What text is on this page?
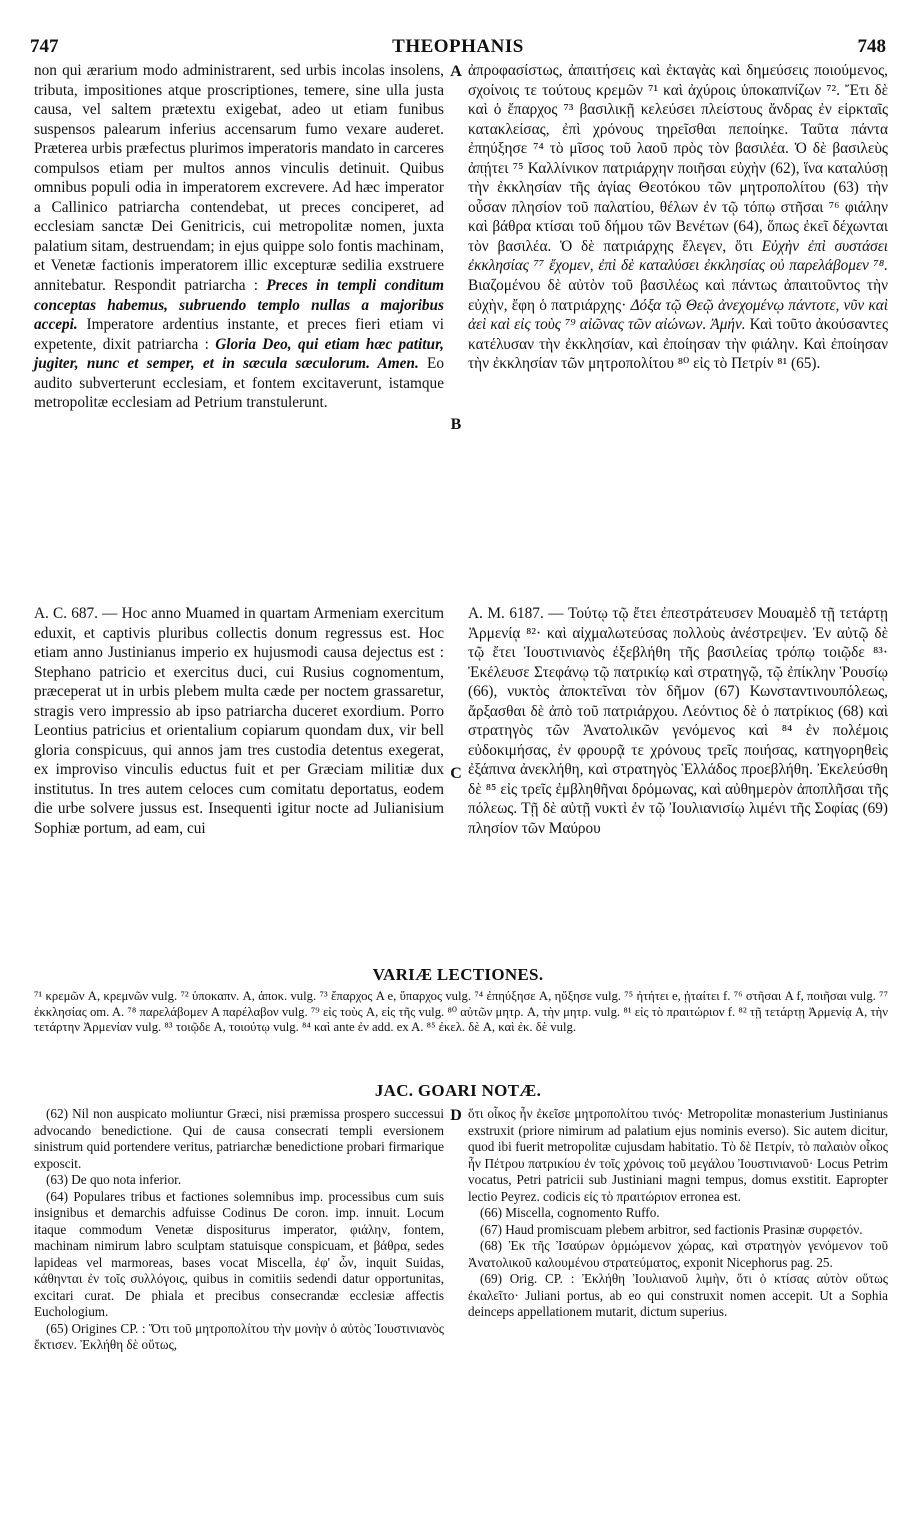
747	THEOPHANIS	748

non qui ærarium modo administrarent, sed urbis incolas insolens, tributa, impositiones atque proscriptiones, temere, sine ulla justa causa, vel saltem prætextu exigebat, adeo ut etiam funibus suspensos palearum inferius accensarum fumo vexare auderet. Præterea urbis præfectus plurimos imperatoris mandato in carceres compulsos etiam per multos annos vinculis detinuit. Quibus omnibus populi odia in imperatorem excrevere. Ad hæc imperator a Callinico patriarcha contendebat, ut preces conciperet, ad ecclesiam sanctæ Dei Genitricis, cui metropolitæ nomen, juxta palatium sitam, destruendam; in ejus quippe solo fontis machinam, et Venetæ factionis imperatorem illic excepturæ sedilia exstruere annitebatur. Respondit patriarcha : Preces in templi conditum conceptas habemus, subruendo templo nullas a majoribus accepi. Imperatore ardentius instante, et preces fieri etiam vi expetente, dixit patriarcha : Gloria Deo, qui etiam hæc patitur, jugiter, nunc et semper, et in sæcula sæculorum. Amen. Eo audito subverterunt ecclesiam, et fontem excitaverunt, istamque metropolitæ ecclesiam ad Petrium transtulerunt.

ἀπροφασίστως, ἀπαιτήσεις καὶ ἐκταγὰς καὶ δημεύσεις ποιούμενος, σχοίνοις τε τούτους κρεμῶν ⁷¹ καὶ ἀχύροις ὑποκαπνίζων ⁷². Ἔτι δὲ καὶ ὁ ἔπαρχος ⁷³ βασιλικῇ κελεύσει πλείστους ἄνδρας ἐν εἱρκταῖς κατακλείσας, ἐπὶ χρόνους τηρεῖσθαι πεποίηκε. Ταῦτα πάντα ἐπηύξησε ⁷⁴ τὸ μῖσος τοῦ λαοῦ πρὸς τὸν βασιλέα. Ὁ δὲ βασιλεὺς ἀπῄτει ⁷⁵ Καλλίνικον πατριάρχην ποιῆσαι εὐχὴν (62), ἵνα καταλύσῃ τὴν ἐκκλησίαν τῆς ἁγίας Θεοτόκου τῶν μητροπολίτου (63) τὴν οὖσαν πλησίον τοῦ παλατίου, θέλων ἐν τῷ τόπῳ στῆσαι ⁷⁶ φιάλην καὶ βάθρα κτίσαι τοῦ δήμου τῶν Βενέτων (64), ὅπως ἐκεῖ δέχωνται τὸν βασιλέα. Ὁ δὲ πατριάρχης ἔλεγεν, ὅτι Εὐχὴν ἐπὶ συστάσει ἐκκλησίας ⁷⁷ ἔχομεν, ἐπὶ δὲ καταλύσει ἐκκλησίας οὐ παρελάβομεν ⁷⁸. Βιαζομένου δὲ αὐτὸν τοῦ βασιλέως καὶ πάντως ἀπαιτοῦντος τὴν εὐχὴν, ἔφη ὁ πατριάρχης· Δόξα τῷ Θεῷ ἀνεχομένῳ πάντοτε, νῦν καὶ ἀεὶ καὶ εἰς τοὺς ⁷⁹ αἰῶνας τῶν αἰώνων. Ἀμήν. Καὶ τοῦτο ἀκούσαντες κατέλυσαν τὴν ἐκκλησίαν, καὶ ἐποίησαν τὴν φιάλην. Καὶ ἐποίησαν τὴν ἐκκλησίαν τῶν μητροπολίτου ⁸⁰ εἰς τὸ Πετρίν ⁸¹ (65).

A
B
C
D

A. C. 687. — Hoc anno Muamed in quartam Armeniam exercitum eduxit, et captivis pluribus collectis donum regressus est. Hoc etiam anno Justinianus imperio ex hujusmodi causa dejectus est : Stephano patricio et exercitus duci, cui Rusius cognomentum, præceperat ut in urbis plebem multa cæde per noctem grassaretur, stragis vero impressio ab ipso patriarcha duceret exordium. Porro Leontius patricius et orientalium copiarum quondam dux, vir bell gloria conspicuus, qui annos jam tres custodia detentus exegerat, ex improviso vinculis eductus fuit et per Græciam militiæ dux institutus. In tres autem celoces cum comitatu deportatus, eodem die urbe solvere jussus est. Insequenti igitur nocte ad Julianisium Sophiæ portum, ad eam, cui

A. M. 6187. — Τούτῳ τῷ ἔτει ἐπεστράτευσεν Μουαμὲδ τῇ τετάρτῃ Ἀρμενίᾳ ⁸²· καὶ αἰχμαλωτεύσας πολλοὺς ἀνέστρεψεν. Ἐν αὐτῷ δὲ τῷ ἔτει Ἰουστινιανὸς ἐξεβλήθη τῆς βασιλείας τρόπῳ τοιῷδε ⁸³· Ἐκέλευσε Στεφάνῳ τῷ πατρικίῳ καὶ στρατηγῷ, τῷ ἐπίκλην Ῥουσίῳ (66), νυκτὸς ἀποκτεῖναι τὸν δῆμον (67) Κωνσταντινουπόλεως, ἄρξασθαι δὲ ἀπὸ τοῦ πατριάρχου. Λεόντιος δὲ ὁ πατρίκιος (68) καὶ στρατηγὸς τῶν Ἀνατολικῶν γενόμενος καὶ ⁸⁴ ἐν πολέμοις εὐδοκιμήσας, ἐν φρουρᾷ τε χρόνους τρεῖς ποιήσας, κατηγορηθεὶς ἐξάπινα ἀνεκλήθη, καὶ στρατηγὸς Ἑλλάδος προεβλήθη. Ἐκελεύσθη δὲ ⁸⁵ εἰς τρεῖς ἐμβληθῆναι δρόμωνας, καὶ αὐθημερὸν ἀποπλῆσαι τῆς πόλεως. Τῇ δὲ αὐτῇ νυκτὶ ἐν τῷ Ἰουλιανισίῳ λιμένι τῆς Σοφίας (69) πλησίον τῶν Μαύρου

VARIÆ LECTIONES.
⁷¹ κρεμῶν A, κρεμνῶν vulg. ⁷² ὑποκαπν. A, ἀποκ. vulg. ⁷³ ἔπαρχος A e, ὕπαρχος vulg. ⁷⁴ ἐπηύξησε A, ηὔξησε vulg. ⁷⁵ ἠτήτει e, ᾐταίτει f. ⁷⁶ στῆσαι A f, ποιῆσαι vulg. ⁷⁷ ἐκκλησίας om. A. ⁷⁸ παρελάβομεν A παρέλαβον vulg. ⁷⁹ εἰς τοὺς A, εἰς τῆς vulg. ⁸⁰ αὐτῶν μητρ. A, τὴν μητρ. vulg. ⁸¹ εἰς τὸ πραιτώριον f. ⁸² τῇ τετάρτῃ Ἀρμενίᾳ A, τὴν τετάρτην Ἀρμενίαν vulg. ⁸³ τοιῷδε A, τοιούτῳ vulg. ⁸⁴ καὶ ante ἐν add. ex A. ⁸⁵ ἐκελ. δὲ A, καὶ ἐκ. δὲ vulg.
JAC. GOARI NOTÆ.

(62) Nil non auspicato moliuntur Græci, nisi præmissa prospero successui advocando benedictione. Qui de causa consecrati templi eversionem sinistrum quid portendere veritus, patriarchæ benedictione probari firmarique exposcit.

(63) De quo nota inferior.

(64) Populares tribus et factiones solemnibus imp. processibus cum suis insignibus et demarchis adfuisse Codinus De coron. imp. innuit. Locum itaque commodum Venetæ dispositurus imperator, φιάλην, fontem, machinam nimirum labro sculptam statuisque conspicuam, et βάθρα, sedes lapideas vel marmoreas, bases vocat Miscella, ἐφ' ὧν, inquit Suidas, κάθηνται ἐν τοῖς συλλόγοις, quibus in comitiis sedendi datur opportunitas, excitari curat. De phiala et precibus consecrandæ ecclesiæ affectis Euchologium.

(65) Origines CP. : Ὅτι τοῦ μητροπολίτου τὴν μονὴν ὁ αὐτὸς Ἰουστινιανὸς ἔκτισεν. Ἐκλήθη δὲ οὕτως,

ὅτι οἶκος ἦν ἐκεῖσε μητροπολίτου τινός· Metropolitæ monasterium Justinianus exstruxit (priore nimirum ad palatium ejus nominis everso). Sic autem dicitur, quod ibi fuerit metropolitæ cujusdam habitatio. Τὸ δὲ Πετρίν, τὸ παλαιὸν οἶκος ἦν Πέτρου πατρικίου ἐν τοῖς χρόνοις τοῦ μεγάλου Ἰουστινιανοῦ· Locus Petrim vocatus, Petri patricii sub Justiniani magni tempus, domus exstitit. Eapropter lectio Peyrez. codicis εἰς τὸ πραιτώριον erronea est.

(66) Miscella, cognomento Ruffo.

(67) Haud promiscuam plebem arbitror, sed factionis Prasinæ συρφετόν.

(68) Ἐκ τῆς Ἰσαύρων ὁρμώμενον χώρας, καὶ στρατηγὸν γενόμενον τοῦ Ἀνατολικοῦ καλουμένου στρατεύματος, exponit Nicephorus pag. 25.

(69) Orig. CP. : Ἐκλήθη Ἰουλιανοῦ λιμὴν, ὅτι ὁ κτίσας αὐτὸν οὕτως ἐκαλεῖτο· Juliani portus, ab eo qui construxit nomen accepit. Ut a Sophia deinceps appellationem mutarit, dictum superius.
